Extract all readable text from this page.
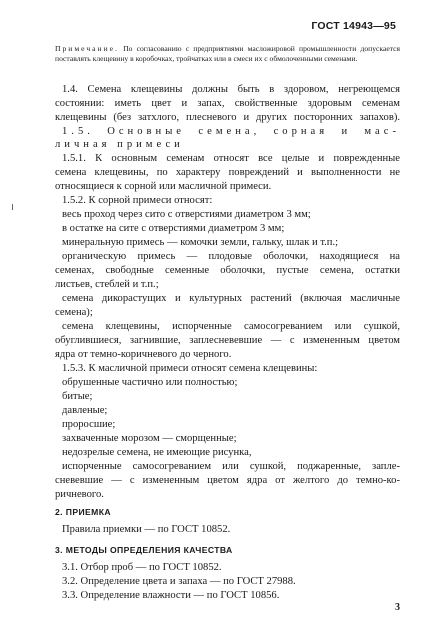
ГОСТ 14943—95
Примечание. По согласованию с предприятиями масложировой промышленности допускается поставлять клещевину в коробочках, тройчатках или в смеси их с обмолоченными семенами.
1.4. Семена клещевины должны быть в здоровом, негреющемся
состоянии: иметь цвет и запах, свойственные здоровым семенам
клещевины (без затхлого, плесневого и других посторонних запахов).
1.5. Основные семена, сорная и мас-
личная примеси
1.5.1. К основным семенам относят все целые и поврежденные
семена клещевины, по характеру повреждений и выполненности не
относящиеся к сорной или масличной примеси.
1.5.2. К сорной примеси относят:
весь проход через сито с отверстиями диаметром 3 мм;
в остатке на сите с отверстиями диаметром 3 мм;
минеральную примесь — комочки земли, гальку, шлак и т.п.;
органическую примесь — плодовые оболочки, находящиеся на
семенах, свободные семенные оболочки, пустые семена, остатки
листьев, стеблей и т.п.;
семена дикорастущих и культурных растений (включая масличные
семена);
семена клещевины, испорченные самосогреванием или сушкой,
обуглившиеся, загнившие, заплесневевшие — с измененным цветом
ядра от темно-коричневого до черного.
1.5.3. К масличной примеси относят семена клещевины:
обрушенные частично или полностью;
битые;
давленые;
проросшие;
захваченные морозом — сморщенные;
недозрелые семена, не имеющие рисунка,
испорченные самосогреванием или сушкой, поджаренные, запле-
сневевшие — с измененным цветом ядра от желтого до темно-ко-
ричневого.
2. ПРИЕМКА
Правила приемки — по ГОСТ 10852.
3. МЕТОДЫ ОПРЕДЕЛЕНИЯ КАЧЕСТВА
3.1. Отбор проб — по ГОСТ 10852.
3.2. Определение цвета и запаха — по ГОСТ 27988.
3.3. Определение влажности — по ГОСТ 10856.
3
